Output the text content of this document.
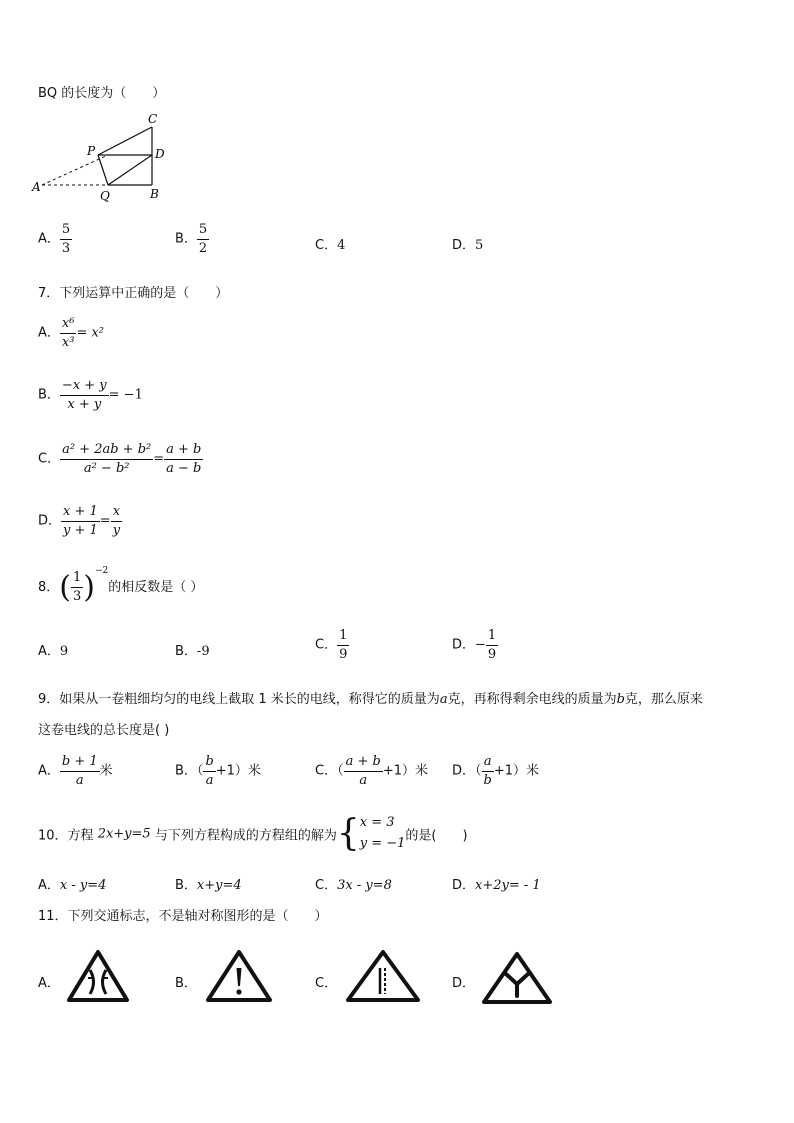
BQ 的长度为（　　）
C
P	D
A
Q	B
A． $\frac{5}{3}$	B． $\frac{5}{2}$	C．4	D．5
7．下列运算中正确的是（　　）
A． $\frac{\text{x⁶}}{\text{x³}} = x^2$
B． $\frac{-x + y}{x + y} = -1$
C． $\frac{\text{a² + 2ab + b²}}{\text{a² − b²}} = \frac{a + b}{a - b}$
D． $\frac{x + 1}{y + 1} = \frac{x}{y}$
8．( $\frac{1}{3} )^{-2}$的相反数是（ ）
A．9	B．-9	C． $\frac{1}{9}$	D．− $\frac{1}{9}$
9．如果从一卷粗细均匀的电线上截取 1 米长的电线，称得它的质量为a克，再称得剩余电线的质量为b克，那么原来
这卷电线的总长度是( )
A． $\frac{b + 1}{a}$ 米	B．（ $\frac{b}{a} +1$）米	C．（ $\frac{a + b}{a} +1$）米 D．（ $\frac{a}{b} +1$）米
10．方程 2x+y=5 与下列方程构成的方程组的解为{ x = 3
y = −1 的是(　　)
A．x - y=4	B．x+y=4	C．3x - y=8	D．x+2y= - 1
11．下列交通标志，不是轴对称图形的是（　　）
A．	B．	C．	D．
